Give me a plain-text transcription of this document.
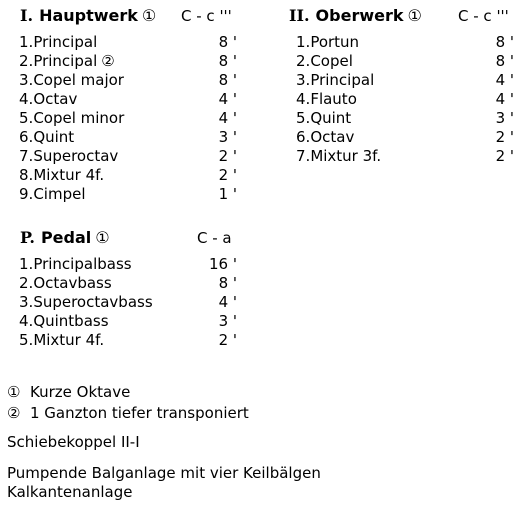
I. Hauptwerk ① C - c '''
1.Principal	8 '
2.Principal ②	8 '
3.Copel major	8 '
4.Octav	4 '
5.Copel minor	4 '
6.Quint	3 '
7.Superoctav	2 '
8.Mixtur 4f.	2 '
9.Cimpel	1 '
II. Oberwerk ① C - c '''
1.Portun	8 '
2.Copel	8 '
3.Principal	4 '
4.Flauto	4 '
5.Quint	3 '
6.Octav	2 '
7.Mixtur 3f.	2 '
P. Pedal ①	C - a
1.Principalbass	16 '
2.Octavbass	8 '
3.Superoctavbass	4 '
4.Quintbass	3 '
5.Mixtur 4f.	2 '
① Kurze Oktave
② 1 Ganzton tiefer transponiert
Schiebekoppel II-I
Pumpende Balganlage mit vier Keilbälgen
Kalkantenanlage
